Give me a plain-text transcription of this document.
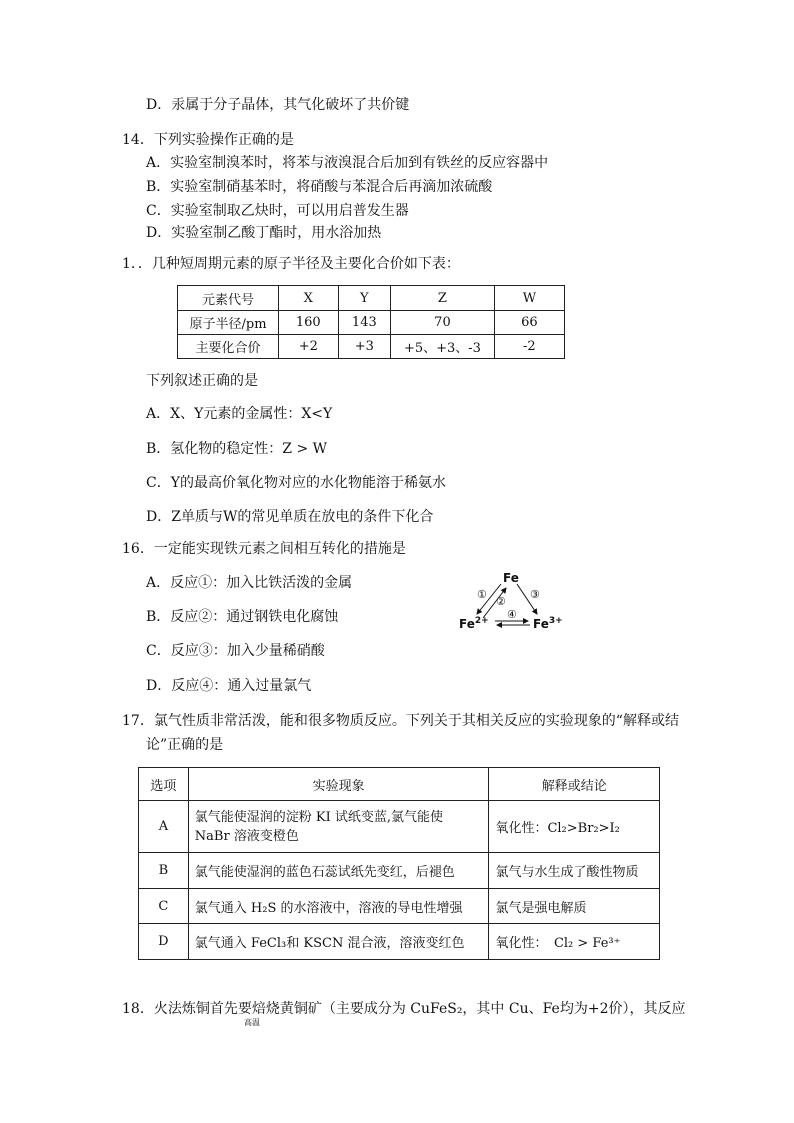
D．汞属于分子晶体，其气化破坏了共价键
14．下列实验操作正确的是
A．实验室制溴苯时，将苯与液溴混合后加到有铁丝的反应容器中
B．实验室制硝基苯时，将硝酸与苯混合后再滴加浓硫酸
C．实验室制取乙炔时，可以用启普发生器
D．实验室制乙酸丁酯时，用水浴加热
1．．几种短周期元素的原子半径及主要化合价如下表：
元素代号	X	Y	Z	W
原子半径/pm	160	143	70	66
主要化合价	+2	+3	+5、+3、-3	-2
下列叙述正确的是
A．X、Y元素的金属性：X<Y
B．氢化物的稳定性：Z > W
C．Y的最高价氧化物对应的水化物能溶于稀氨水
D．Z单质与W的常见单质在放电的条件下化合
16．一定能实现铁元素之间相互转化的措施是
A．反应①：加入比铁活泼的金属
B．反应②：通过钢铁电化腐蚀
C．反应③：加入少量稀硝酸
D．反应④：通入过量氯气
Fe
$Fe^{2+}$	$Fe^{3+}$
①
②
③
④
17．氯气性质非常活泼，能和很多物质反应。下列关于其相关反应的实验现象的“解释或结
论”正确的是
选项	实验现象	解释或结论
A	氯气能使湿润的淀粉 KI 试纸变蓝,氯气能使
NaBr 溶液变橙色	氧化性：Cl₂>Br₂>I₂
B	氯气能使湿润的蓝色石蕊试纸先变红，后褪色	氯气与水生成了酸性物质
C	氯气通入 H₂S 的水溶液中，溶液的导电性增强	氯气是强电解质
D	氯气通入 FeCl₃和 KSCN 混合液，溶液变红色	氧化性：　Cl₂ > Fe³⁺
18．火法炼铜首先要焙烧黄铜矿（主要成分为 CuFeS₂，其中 Cu、Fe均为+2价），其反应
高温
